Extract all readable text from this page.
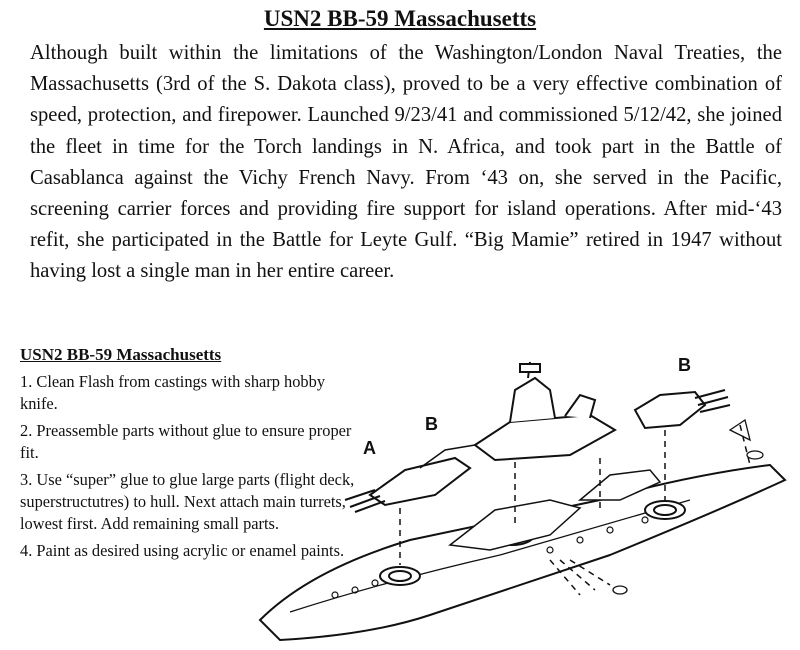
USN2 BB-59 Massachusetts
Although built within the limitations of the Washington/London Naval Treaties, the Massachusetts (3rd of the S. Dakota class), proved to be a very effective combination of speed, protection, and firepower. Launched 9/23/41 and commissioned 5/12/42, she joined the fleet in time for the Torch landings in N. Africa, and took part in the Battle of Casablanca against the Vichy French Navy. From ‘43 on, she served in the Pacific, screening carrier forces and providing fire support for island operations. After mid-‘43 refit, she participated in the Battle for Leyte Gulf. “Big Mamie” retired in 1947 without having lost a single man in her entire career.
USN2 BB-59 Massachusetts
1. Clean Flash from castings with sharp hobby knife.
2. Preassemble parts without glue to ensure proper fit.
3. Use “super” glue to glue large parts (flight deck, superstructutres) to hull. Next attach main turrets, lowest first. Add remaining small parts.
4. Paint as desired using acrylic or enamel paints.
A
B
B
